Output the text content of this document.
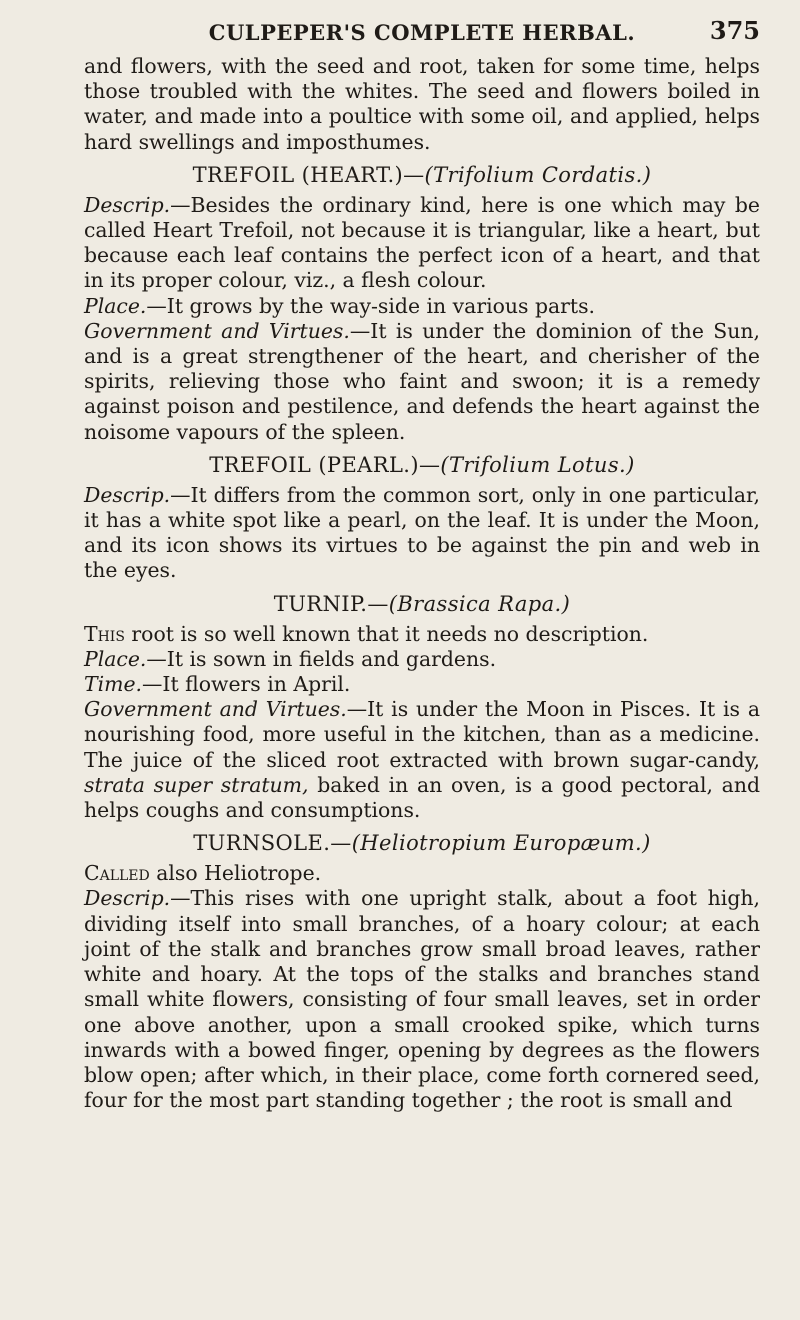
CULPEPER'S COMPLETE HERBAL.	375

and flowers, with the seed and root, taken for some time, helps those troubled with the whites. The seed and flowers boiled in water, and made into a poultice with some oil, and applied, helps hard swellings and imposthumes.

TREFOIL (HEART.)—(Trifolium Cordatis.)

Descrip.—Besides the ordinary kind, here is one which may be called Heart Trefoil, not because it is triangular, like a heart, but because each leaf contains the perfect icon of a heart, and that in its proper colour, viz., a flesh colour.

Place.—It grows by the way-side in various parts.

Government and Virtues.—It is under the dominion of the Sun, and is a great strengthener of the heart, and cherisher of the spirits, relieving those who faint and swoon; it is a remedy against poison and pestilence, and defends the heart against the noisome vapours of the spleen.

TREFOIL (PEARL.)—(Trifolium Lotus.)

Descrip.—It differs from the common sort, only in one particular, it has a white spot like a pearl, on the leaf. It is under the Moon, and its icon shows its virtues to be against the pin and web in the eyes.

TURNIP.—(Brassica Rapa.)

This root is so well known that it needs no description.

Place.—It is sown in fields and gardens.

Time.—It flowers in April.

Government and Virtues.—It is under the Moon in Pisces. It is a nourishing food, more useful in the kitchen, than as a medicine. The juice of the sliced root extracted with brown sugar-candy, strata super stratum, baked in an oven, is a good pectoral, and helps coughs and consumptions.

TURNSOLE.—(Heliotropium Europæum.)

Called also Heliotrope.

Descrip.—This rises with one upright stalk, about a foot high, dividing itself into small branches, of a hoary colour; at each joint of the stalk and branches grow small broad leaves, rather white and hoary. At the tops of the stalks and branches stand small white flowers, consisting of four small leaves, set in order one above another, upon a small crooked spike, which turns inwards with a bowed finger, opening by degrees as the flowers blow open; after which, in their place, come forth cornered seed, four for the most part standing together ; the root is small and
